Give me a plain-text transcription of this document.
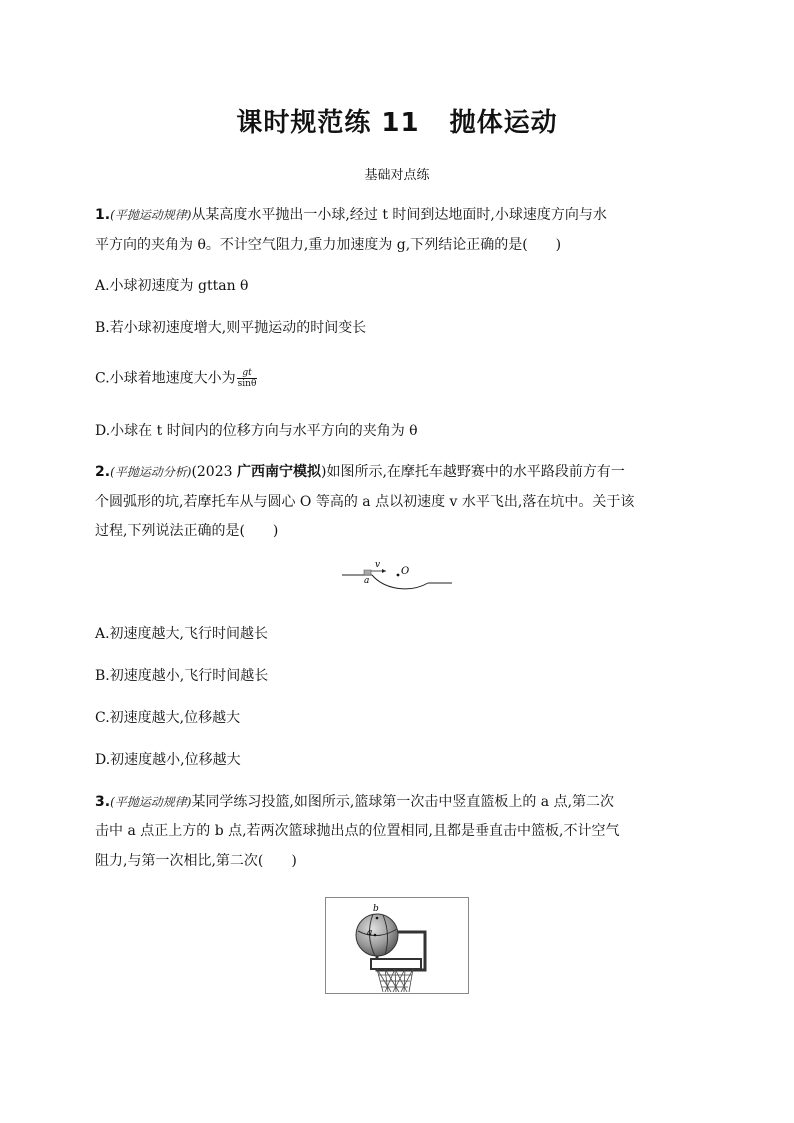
课时规范练 11 抛体运动
基础对点练
1.(平抛运动规律)从某高度水平抛出一小球,经过 t 时间到达地面时,小球速度方向与水
平方向的夹角为 θ。不计空气阻力,重力加速度为 g,下列结论正确的是(　　)
A.小球初速度为 gttan θ
B.若小球初速度增大,则平抛运动的时间变长
C.小球着地速度大小为 $\frac{gt}{\sin\theta}$
D.小球在 t 时间内的位移方向与水平方向的夹角为 θ
2.(平抛运动分析)(2023 广西南宁模拟)如图所示,在摩托车越野赛中的水平路段前方有一
个圆弧形的坑,若摩托车从与圆心 O 等高的 a 点以初速度 v 水平飞出,落在坑中。关于该
过程,下列说法正确的是(　　)
v
a
O
A.初速度越大,飞行时间越长
B.初速度越小,飞行时间越长
C.初速度越大,位移越大
D.初速度越小,位移越大
3.(平抛运动规律)某同学练习投篮,如图所示,篮球第一次击中竖直篮板上的 a 点,第二次
击中 a 点正上方的 b 点,若两次篮球抛出点的位置相同,且都是垂直击中篮板,不计空气
阻力,与第一次相比,第二次(　　)
b
a
